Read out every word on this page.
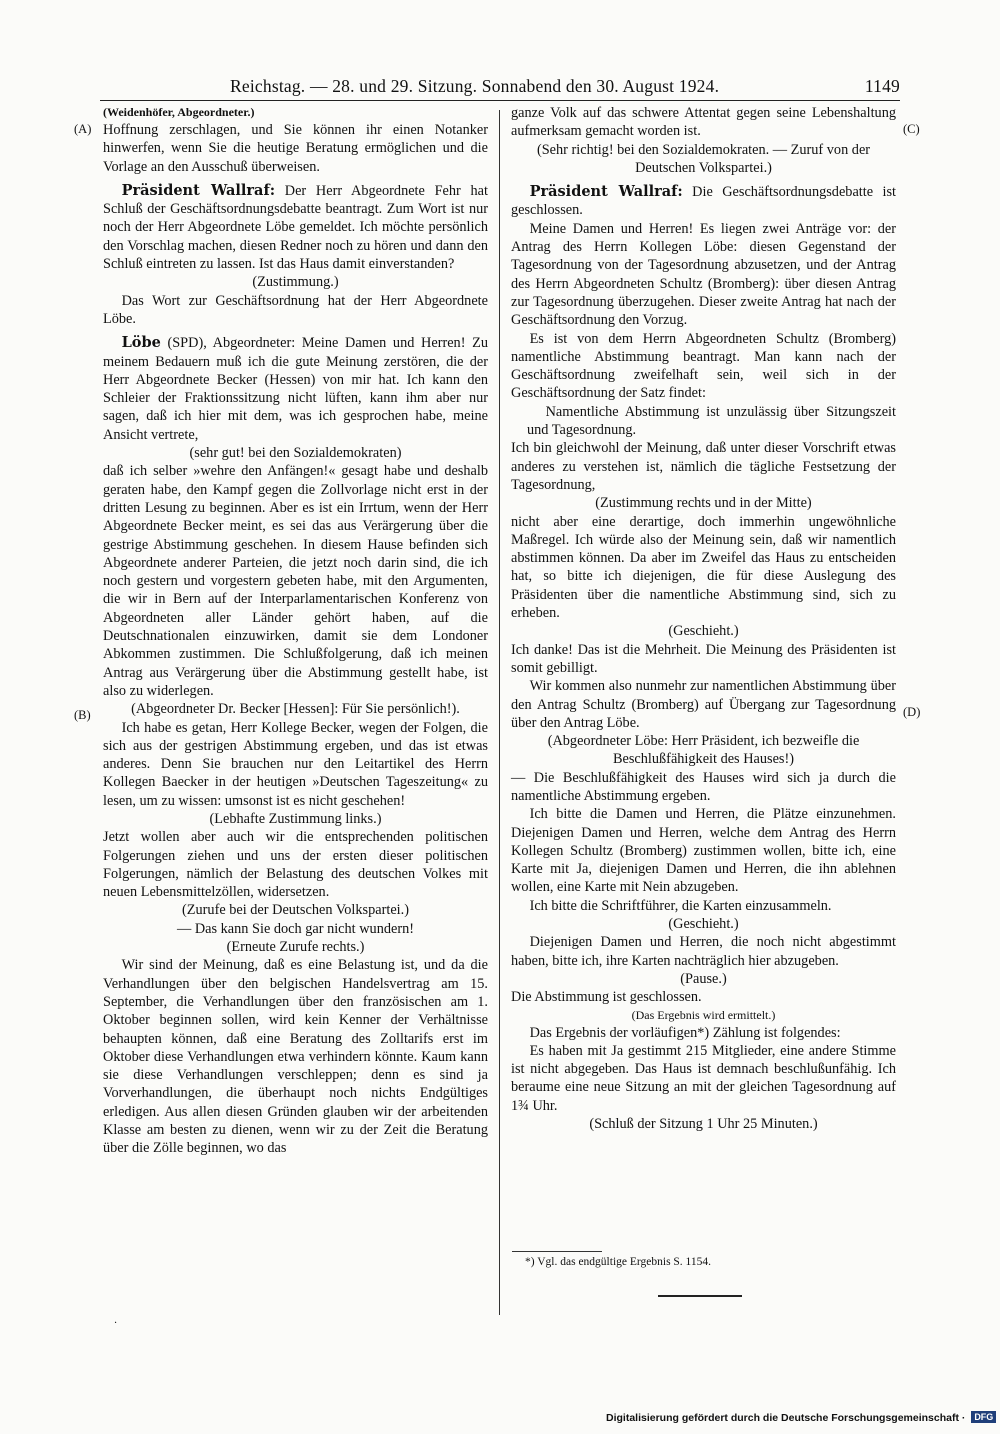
Reichstag. — 28. und 29. Sitzung. Sonnabend den 30. August 1924.	1149
(A)
(B)
(C)
(D)

(Weidenhöfer, Abgeordneter.)

Hoffnung zerschlagen, und Sie können ihr einen Notanker hinwerfen, wenn Sie die heutige Beratung ermöglichen und die Vorlage an den Ausschuß überweisen.

Präsident Wallraf: Der Herr Abgeordnete Fehr hat Schluß der Geschäftsordnungsdebatte beantragt. Zum Wort ist nur noch der Herr Abgeordnete Löbe gemeldet. Ich möchte persönlich den Vorschlag machen, diesen Redner noch zu hören und dann den Schluß eintreten zu lassen. Ist das Haus damit einverstanden?

(Zustimmung.)

Das Wort zur Geschäftsordnung hat der Herr Abgeordnete Löbe.

Löbe (SPD), Abgeordneter: Meine Damen und Herren! Zu meinem Bedauern muß ich die gute Meinung zerstören, die der Herr Abgeordnete Becker (Hessen) von mir hat. Ich kann den Schleier der Fraktionssitzung nicht lüften, kann ihm aber nur sagen, daß ich hier mit dem, was ich gesprochen habe, meine Ansicht vertrete,

(sehr gut! bei den Sozialdemokraten)

daß ich selber »wehre den Anfängen!« gesagt habe und deshalb geraten habe, den Kampf gegen die Zollvorlage nicht erst in der dritten Lesung zu beginnen. Aber es ist ein Irrtum, wenn der Herr Abgeordnete Becker meint, es sei das aus Verärgerung über die gestrige Abstimmung geschehen. In diesem Hause befinden sich Abgeordnete anderer Parteien, die jetzt noch darin sind, die ich noch gestern und vorgestern gebeten habe, mit den Argumenten, die wir in Bern auf der Interparlamentarischen Konferenz von Abgeordneten aller Länder gehört haben, auf die Deutschnationalen einzuwirken, damit sie dem Londoner Abkommen zustimmen. Die Schlußfolgerung, daß ich meinen Antrag aus Verärgerung über die Abstimmung gestellt habe, ist also zu widerlegen.

(Abgeordneter Dr. Becker [Hessen]: Für Sie persönlich!).

Ich habe es getan, Herr Kollege Becker, wegen der Folgen, die sich aus der gestrigen Abstimmung ergeben, und das ist etwas anderes. Denn Sie brauchen nur den Leitartikel des Herrn Kollegen Baecker in der heutigen »Deutschen Tageszeitung« zu lesen, um zu wissen: umsonst ist es nicht geschehen!

(Lebhafte Zustimmung links.)

Jetzt wollen aber auch wir die entsprechenden politischen Folgerungen ziehen und uns der ersten dieser politischen Folgerungen, nämlich der Belastung des deutschen Volkes mit neuen Lebensmittelzöllen, widersetzen.

(Zurufe bei der Deutschen Volkspartei.)

— Das kann Sie doch gar nicht wundern!

(Erneute Zurufe rechts.)

Wir sind der Meinung, daß es eine Belastung ist, und da die Verhandlungen über den belgischen Handelsvertrag am 15. September, die Verhandlungen über den französischen am 1. Oktober beginnen sollen, wird kein Kenner der Verhältnisse behaupten können, daß eine Beratung des Zolltarifs erst im Oktober diese Verhandlungen etwa verhindern könnte. Kaum kann sie diese Verhandlungen verschleppen; denn es sind ja Vorverhandlungen, die überhaupt noch nichts Endgültiges erledigen. Aus allen diesen Gründen glauben wir der arbeitenden Klasse am besten zu dienen, wenn wir zu der Zeit die Beratung über die Zölle beginnen, wo das

ganze Volk auf das schwere Attentat gegen seine Lebenshaltung aufmerksam gemacht worden ist.

(Sehr richtig! bei den Sozialdemokraten. — Zuruf von der Deutschen Volkspartei.)

Präsident Wallraf: Die Geschäftsordnungsdebatte ist geschlossen.

Meine Damen und Herren! Es liegen zwei Anträge vor: der Antrag des Herrn Kollegen Löbe: diesen Gegenstand der Tagesordnung von der Tagesordnung abzusetzen, und der Antrag des Herrn Abgeordneten Schultz (Bromberg): über diesen Antrag zur Tagesordnung überzugehen. Dieser zweite Antrag hat nach der Geschäftsordnung den Vorzug.

Es ist von dem Herrn Abgeordneten Schultz (Bromberg) namentliche Abstimmung beantragt. Man kann nach der Geschäftsordnung zweifelhaft sein, weil sich in der Geschäftsordnung der Satz findet:

Namentliche Abstimmung ist unzulässig über Sitzungszeit und Tagesordnung.

Ich bin gleichwohl der Meinung, daß unter dieser Vorschrift etwas anderes zu verstehen ist, nämlich die tägliche Festsetzung der Tagesordnung,

(Zustimmung rechts und in der Mitte)

nicht aber eine derartige, doch immerhin ungewöhnliche Maßregel. Ich würde also der Meinung sein, daß wir namentlich abstimmen können. Da aber im Zweifel das Haus zu entscheiden hat, so bitte ich diejenigen, die für diese Auslegung des Präsidenten über die namentliche Abstimmung sind, sich zu erheben.

(Geschieht.)

Ich danke! Das ist die Mehrheit. Die Meinung des Präsidenten ist somit gebilligt.

Wir kommen also nunmehr zur namentlichen Abstimmung über den Antrag Schultz (Bromberg) auf Übergang zur Tagesordnung über den Antrag Löbe.

(Abgeordneter Löbe: Herr Präsident, ich bezweifle die Beschlußfähigkeit des Hauses!)

— Die Beschlußfähigkeit des Hauses wird sich ja durch die namentliche Abstimmung ergeben.

Ich bitte die Damen und Herren, die Plätze einzunehmen. Diejenigen Damen und Herren, welche dem Antrag des Herrn Kollegen Schultz (Bromberg) zustimmen wollen, bitte ich, eine Karte mit Ja, diejenigen Damen und Herren, die ihn ablehnen wollen, eine Karte mit Nein abzugeben.

Ich bitte die Schriftführer, die Karten einzusammeln.

(Geschieht.)

Diejenigen Damen und Herren, die noch nicht abgestimmt haben, bitte ich, ihre Karten nachträglich hier abzugeben.

(Pause.)

Die Abstimmung ist geschlossen.

(Das Ergebnis wird ermittelt.)

Das Ergebnis der vorläufigen*) Zählung ist folgendes:

Es haben mit Ja gestimmt 215 Mitglieder, eine andere Stimme ist nicht abgegeben. Das Haus ist demnach beschlußunfähig. Ich beraume eine neue Sitzung an mit der gleichen Tagesordnung auf 1¾ Uhr.

(Schluß der Sitzung 1 Uhr 25 Minuten.)

*) Vgl. das endgültige Ergebnis S. 1154.
·
Digitalisierung gefördert durch die Deutsche Forschungsgemeinschaft · DFG
